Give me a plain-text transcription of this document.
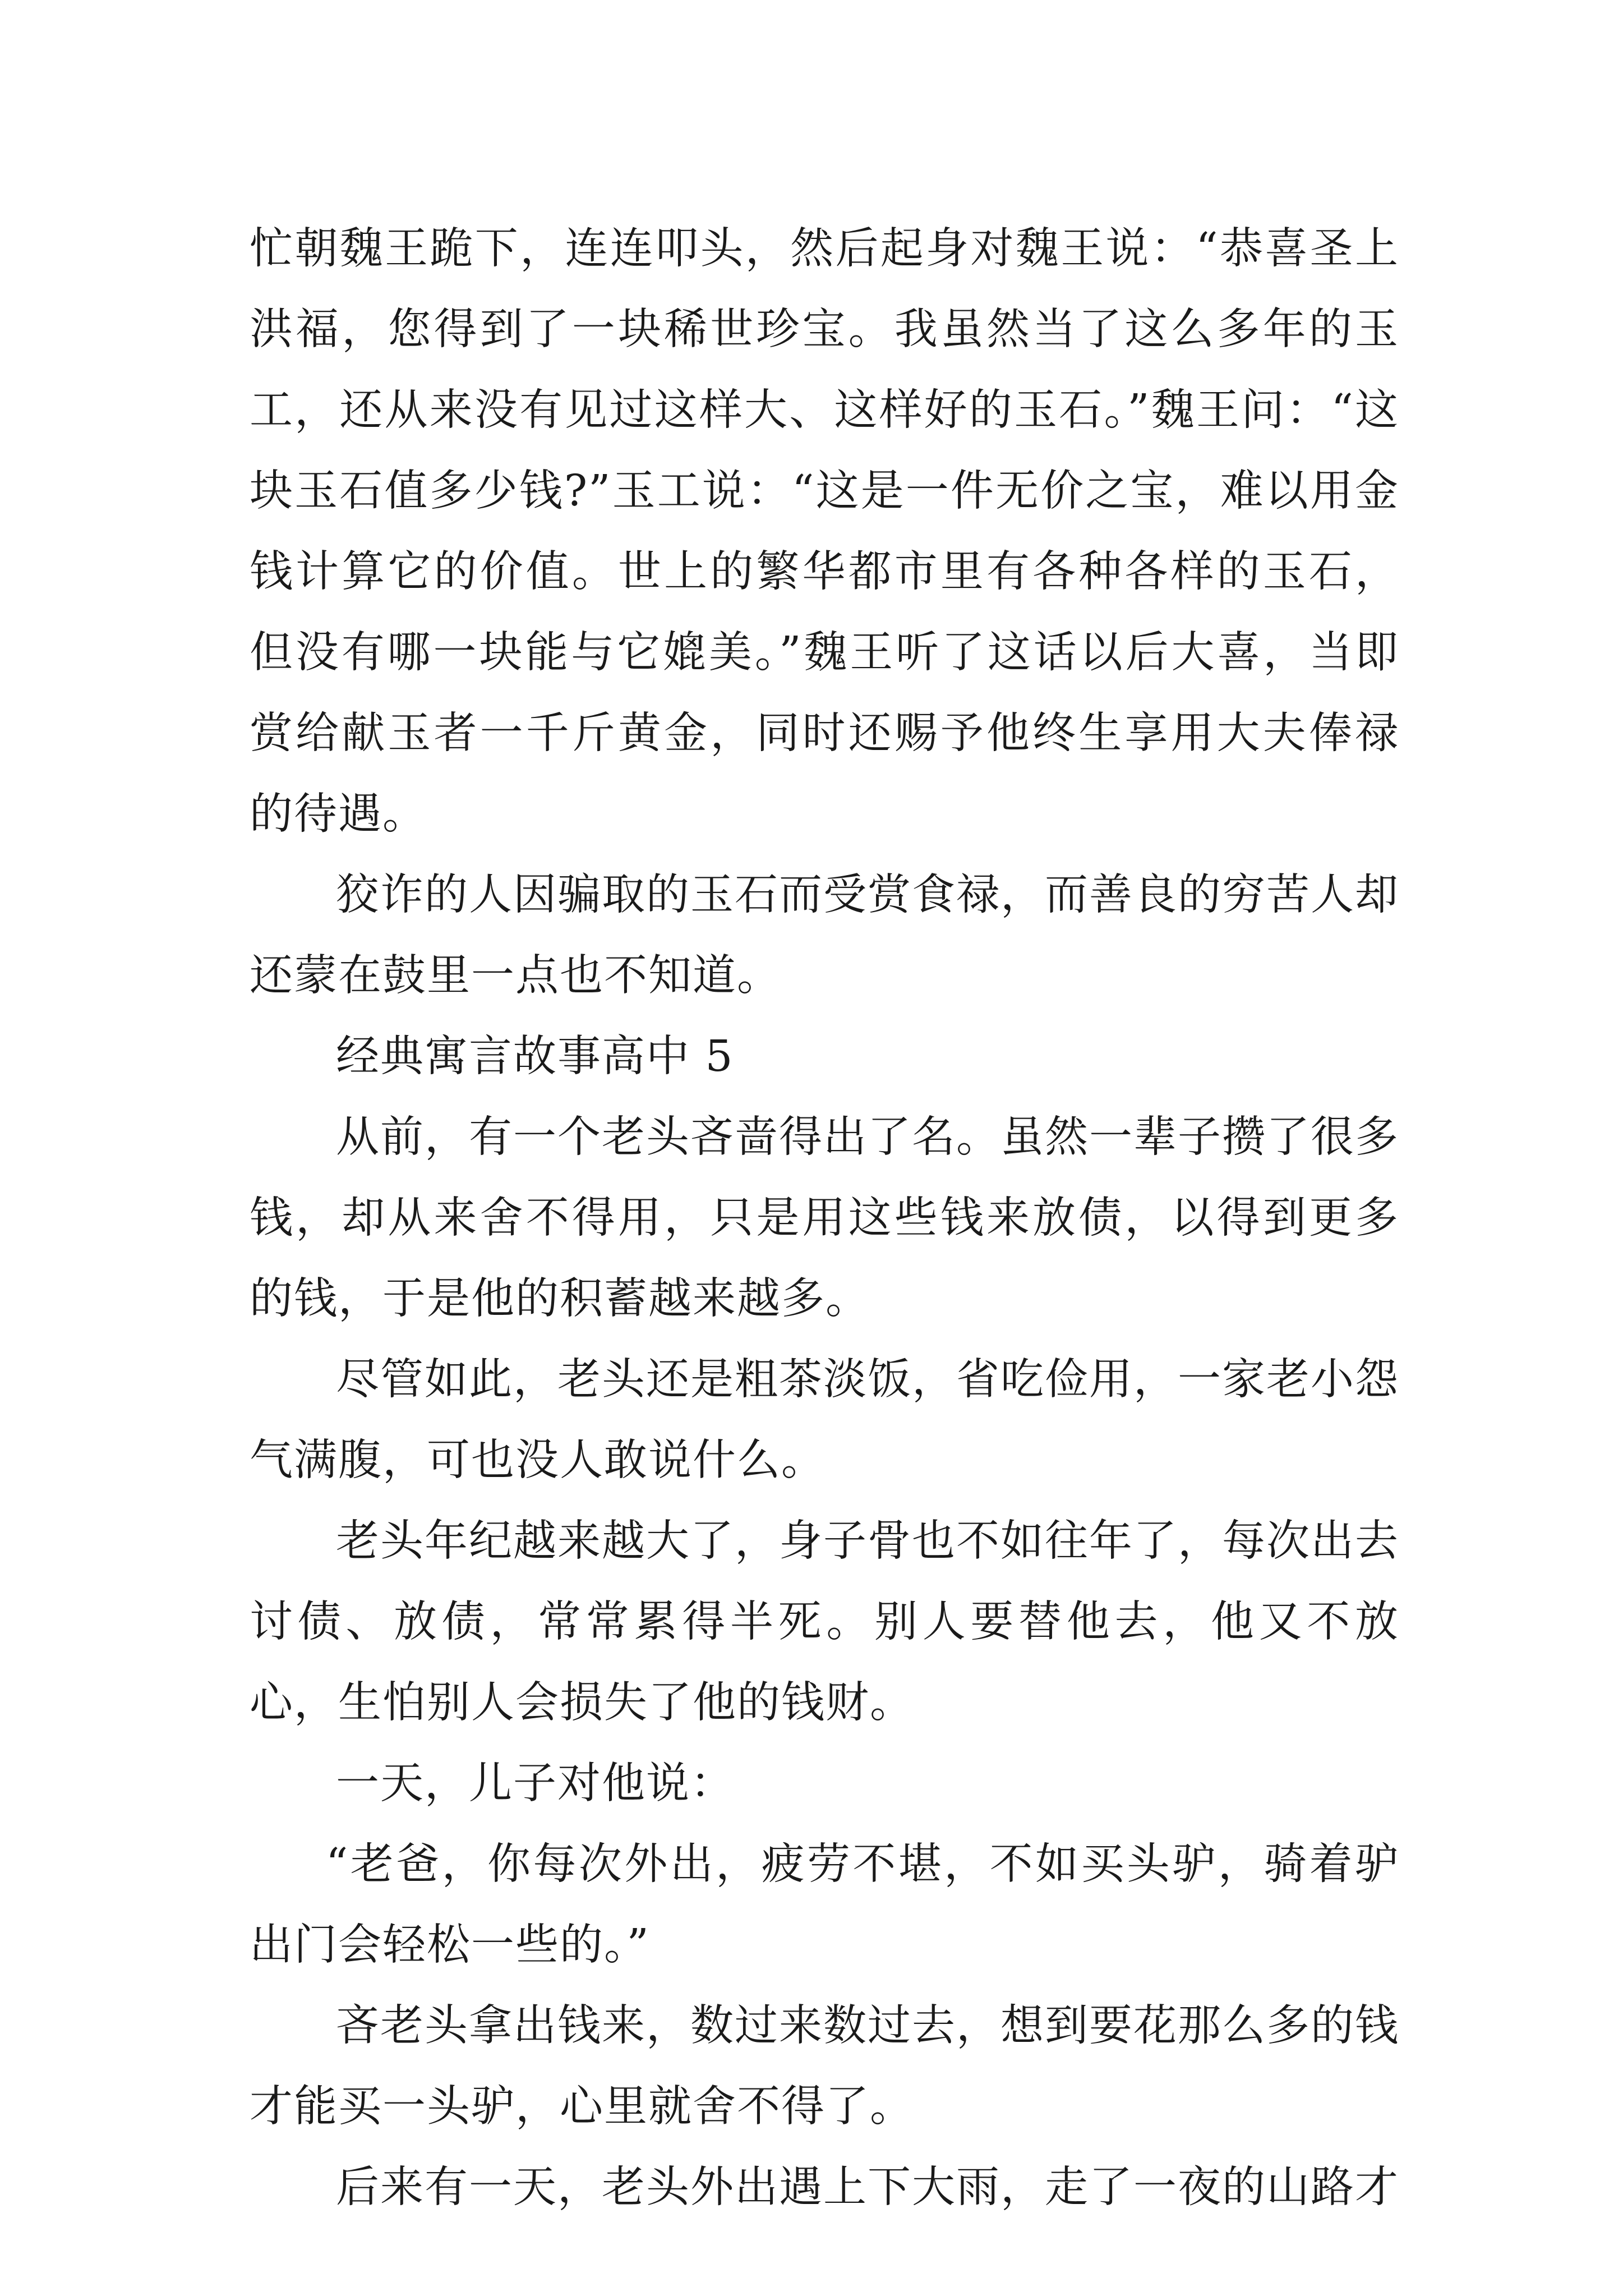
忙朝魏王跪下，连连叩头，然后起身对魏王说：“恭喜圣上洪福，您得到了一块稀世珍宝。我虽然当了这么多年的玉工，还从来没有见过这样大、这样好的玉石。”魏王问：“这块玉石值多少钱?”玉工说：“这是一件无价之宝，难以用金钱计算它的价值。世上的繁华都市里有各种各样的玉石，但没有哪一块能与它媲美。”魏王听了这话以后大喜，当即赏给献玉者一千斤黄金，同时还赐予他终生享用大夫俸禄的待遇。

狡诈的人因骗取的玉石而受赏食禄，而善良的穷苦人却还蒙在鼓里一点也不知道。

经典寓言故事高中 5

从前，有一个老头吝啬得出了名。虽然一辈子攒了很多钱，却从来舍不得用，只是用这些钱来放债，以得到更多的钱，于是他的积蓄越来越多。

尽管如此，老头还是粗茶淡饭，省吃俭用，一家老小怨气满腹，可也没人敢说什么。

老头年纪越来越大了，身子骨也不如往年了，每次出去讨债、放债，常常累得半死。别人要替他去，他又不放心，生怕别人会损失了他的钱财。

一天，儿子对他说：

“老爸，你每次外出，疲劳不堪，不如买头驴，骑着驴出门会轻松一些的。”

吝老头拿出钱来，数过来数过去，想到要花那么多的钱才能买一头驴，心里就舍不得了。

后来有一天，老头外出遇上下大雨，走了一夜的山路才
